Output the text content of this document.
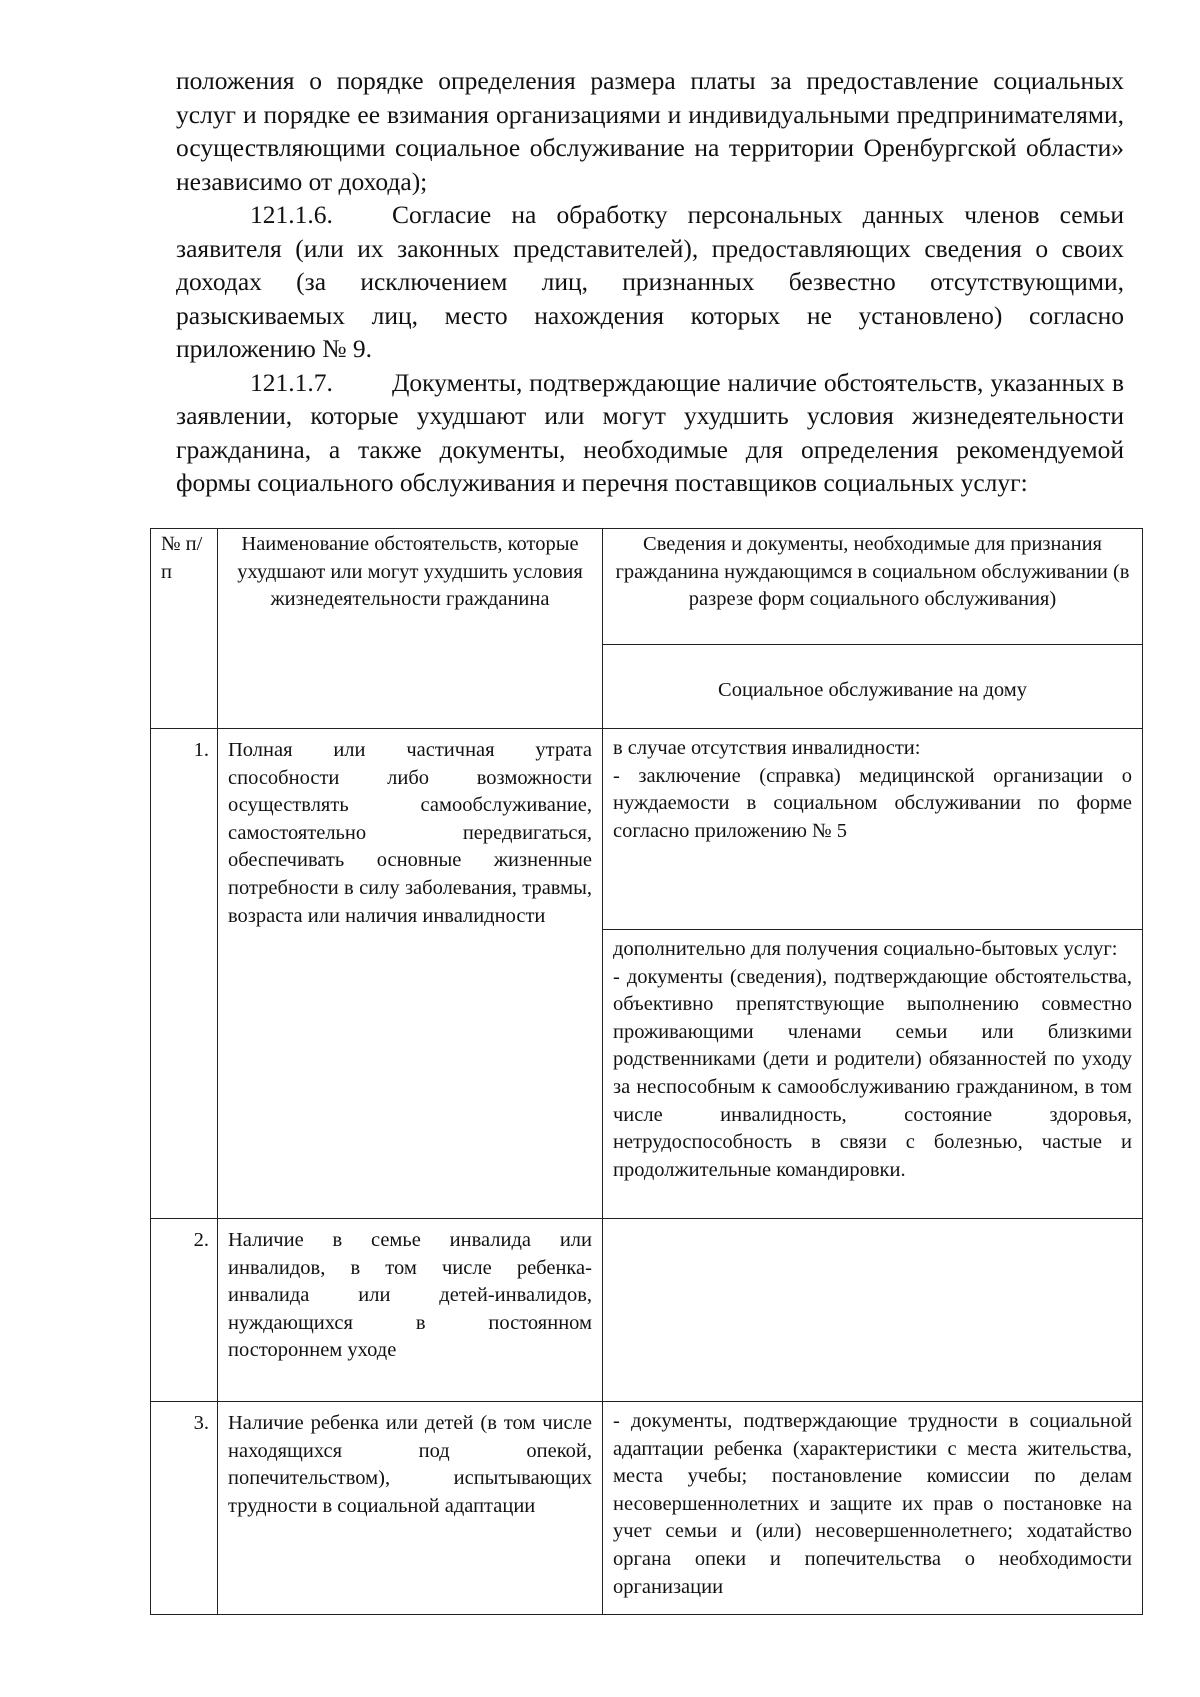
положения о порядке определения размера платы за предоставление социальных услуг и порядке ее взимания организациями и индивидуальными предпринимателями, осуществляющими социальное обслуживание на территории Оренбургской области» независимо от дохода);

121.1.6. Согласие на обработку персональных данных членов семьи заявителя (или их законных представителей), предоставляющих сведения о своих доходах (за исключением лиц, признанных безвестно отсутствующими, разыскиваемых лиц, место нахождения которых не установлено) согласно приложению № 9.

121.1.7. Документы, подтверждающие наличие обстоятельств, указанных в заявлении, которые ухудшают или могут ухудшить условия жизнедеятельности гражданина, а также документы, необходимые для определения рекомендуемой формы социального обслуживания и перечня поставщиков социальных услуг:

№ п/п	Наименование обстоятельств, которые ухудшают или могут ухудшить условия жизнедеятельности гражданина	Сведения и документы, необходимые для признания гражданина нуждающимся в социальном обслуживании (в разрезе форм социального обслуживания)
		Социальное обслуживание на дому
1.	Полная или частичная утрата способности либо возможности осуществлять самообслуживание, самостоятельно передвигаться, обеспечивать основные жизненные потребности в силу заболевания, травмы, возраста или наличия инвалидности	в случае отсутствия инвалидности:
- заключение (справка) медицинской организации о нуждаемости в социальном обслуживании по форме согласно приложению № 5

		дополнительно для получения социально-бытовых услуг:
- документы (сведения), подтверждающие обстоятельства, объективно препятствующие выполнению совместно проживающими членами семьи или близкими родственниками (дети и родители) обязанностей по уходу за неспособным к самообслуживанию гражданином, в том числе инвалидность, состояние здоровья, нетрудоспособность в связи с болезнью, частые и продолжительные командировки.

2.	Наличие в семье инвалида или инвалидов, в том числе ребенка-инвалида или детей-инвалидов, нуждающихся в постоянном постороннем уходе	
3.	Наличие ребенка или детей (в том числе находящихся под опекой, попечительством), испытывающих трудности в социальной адаптации	- документы, подтверждающие трудности в социальной адаптации ребенка (характеристики с места жительства, места учебы; постановление комиссии по делам несовершеннолетних и защите их прав о постановке на учет семьи и (или) несовершеннолетнего; ходатайство органа опеки и попечительства о необходимости организации
